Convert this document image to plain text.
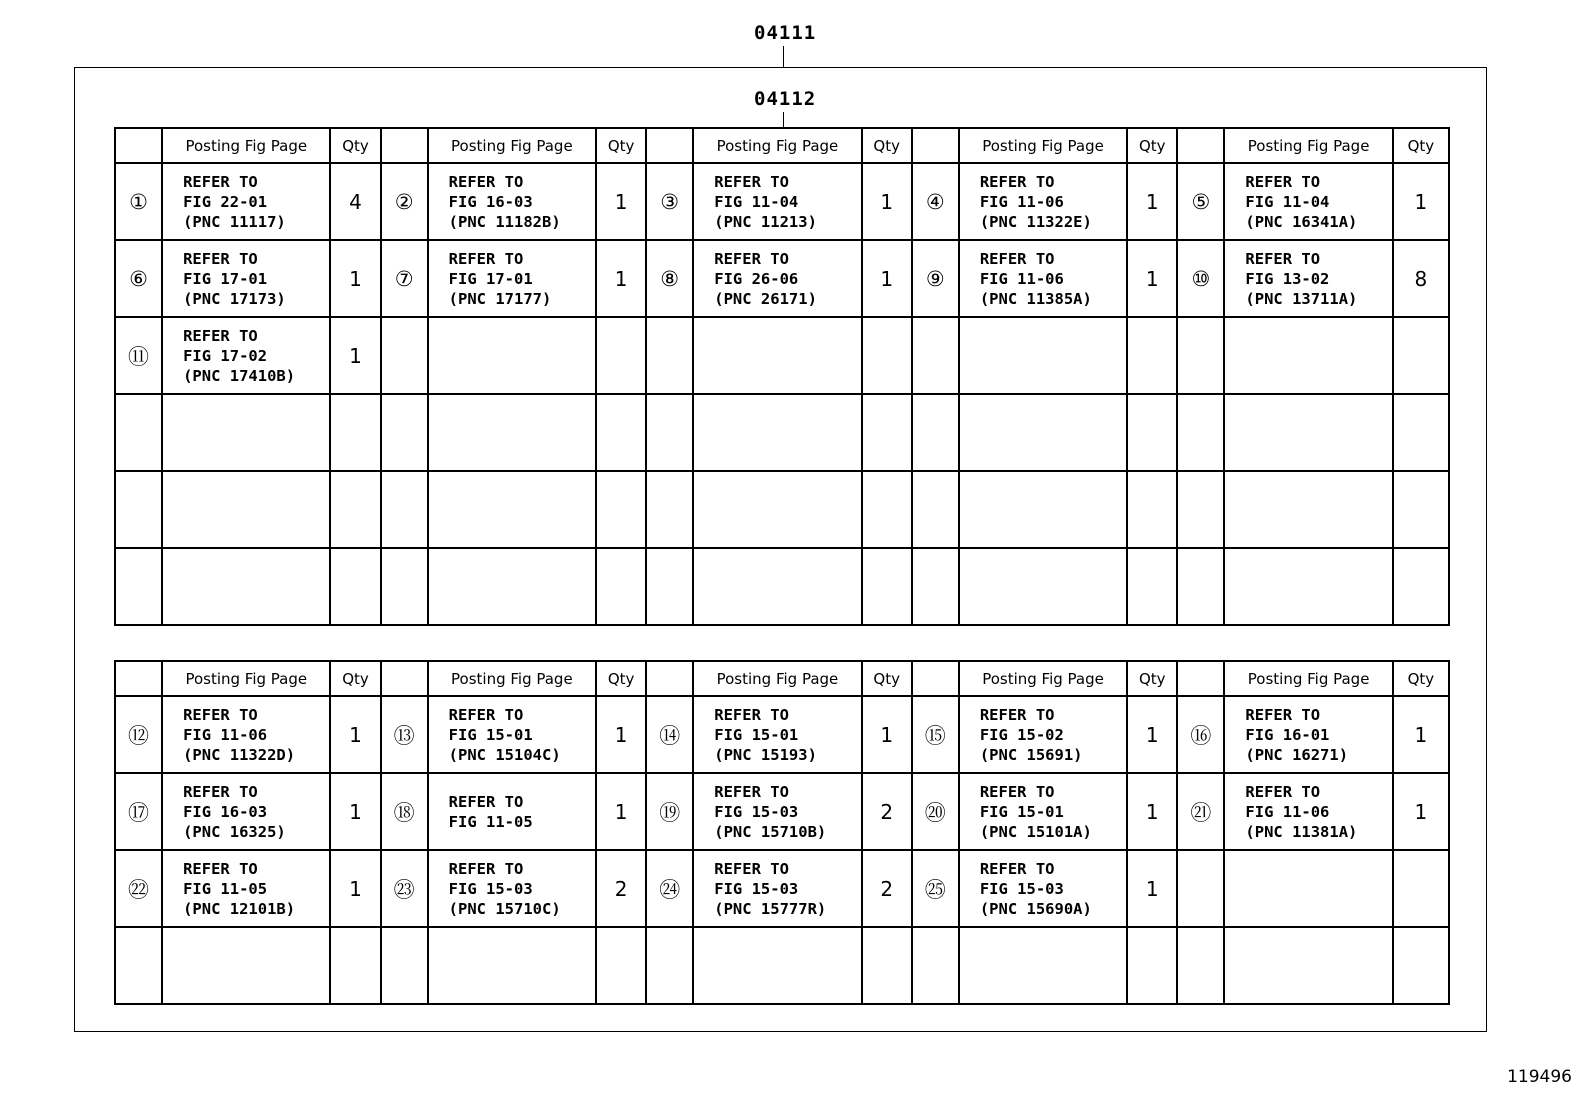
04111
04112
	Posting Fig Page	Qty		Posting Fig Page	Qty		Posting Fig Page	Qty		Posting Fig Page	Qty		Posting Fig Page	Qty
①	REFER TO
FIG 22-01
(PNC 11117)	4	②	REFER TO
FIG 16-03
(PNC 11182B)	1	③	REFER TO
FIG 11-04
(PNC 11213)	1	④	REFER TO
FIG 11-06
(PNC 11322E)	1	⑤	REFER TO
FIG 11-04
(PNC 16341A)	1
⑥	REFER TO
FIG 17-01
(PNC 17173)	1	⑦	REFER TO
FIG 17-01
(PNC 17177)	1	⑧	REFER TO
FIG 26-06
(PNC 26171)	1	⑨	REFER TO
FIG 11-06
(PNC 11385A)	1	⑩	REFER TO
FIG 13-02
(PNC 13711A)	8
⑪	REFER TO
FIG 17-02
(PNC 17410B)	1												

	Posting Fig Page	Qty		Posting Fig Page	Qty		Posting Fig Page	Qty		Posting Fig Page	Qty		Posting Fig Page	Qty
⑫	REFER TO
FIG 11-06
(PNC 11322D)	1	⑬	REFER TO
FIG 15-01
(PNC 15104C)	1	⑭	REFER TO
FIG 15-01
(PNC 15193)	1	⑮	REFER TO
FIG 15-02
(PNC 15691)	1	⑯	REFER TO
FIG 16-01
(PNC 16271)	1
⑰	REFER TO
FIG 16-03
(PNC 16325)	1	⑱	REFER TO
FIG 11-05	1	⑲	REFER TO
FIG 15-03
(PNC 15710B)	2	⑳	REFER TO
FIG 15-01
(PNC 15101A)	1	㉑	REFER TO
FIG 11-06
(PNC 11381A)	1
㉒	REFER TO
FIG 11-05
(PNC 12101B)	1	㉓	REFER TO
FIG 15-03
(PNC 15710C)	2	㉔	REFER TO
FIG 15-03
(PNC 15777R)	2	㉕	REFER TO
FIG 15-03
(PNC 15690A)	1			

119496
